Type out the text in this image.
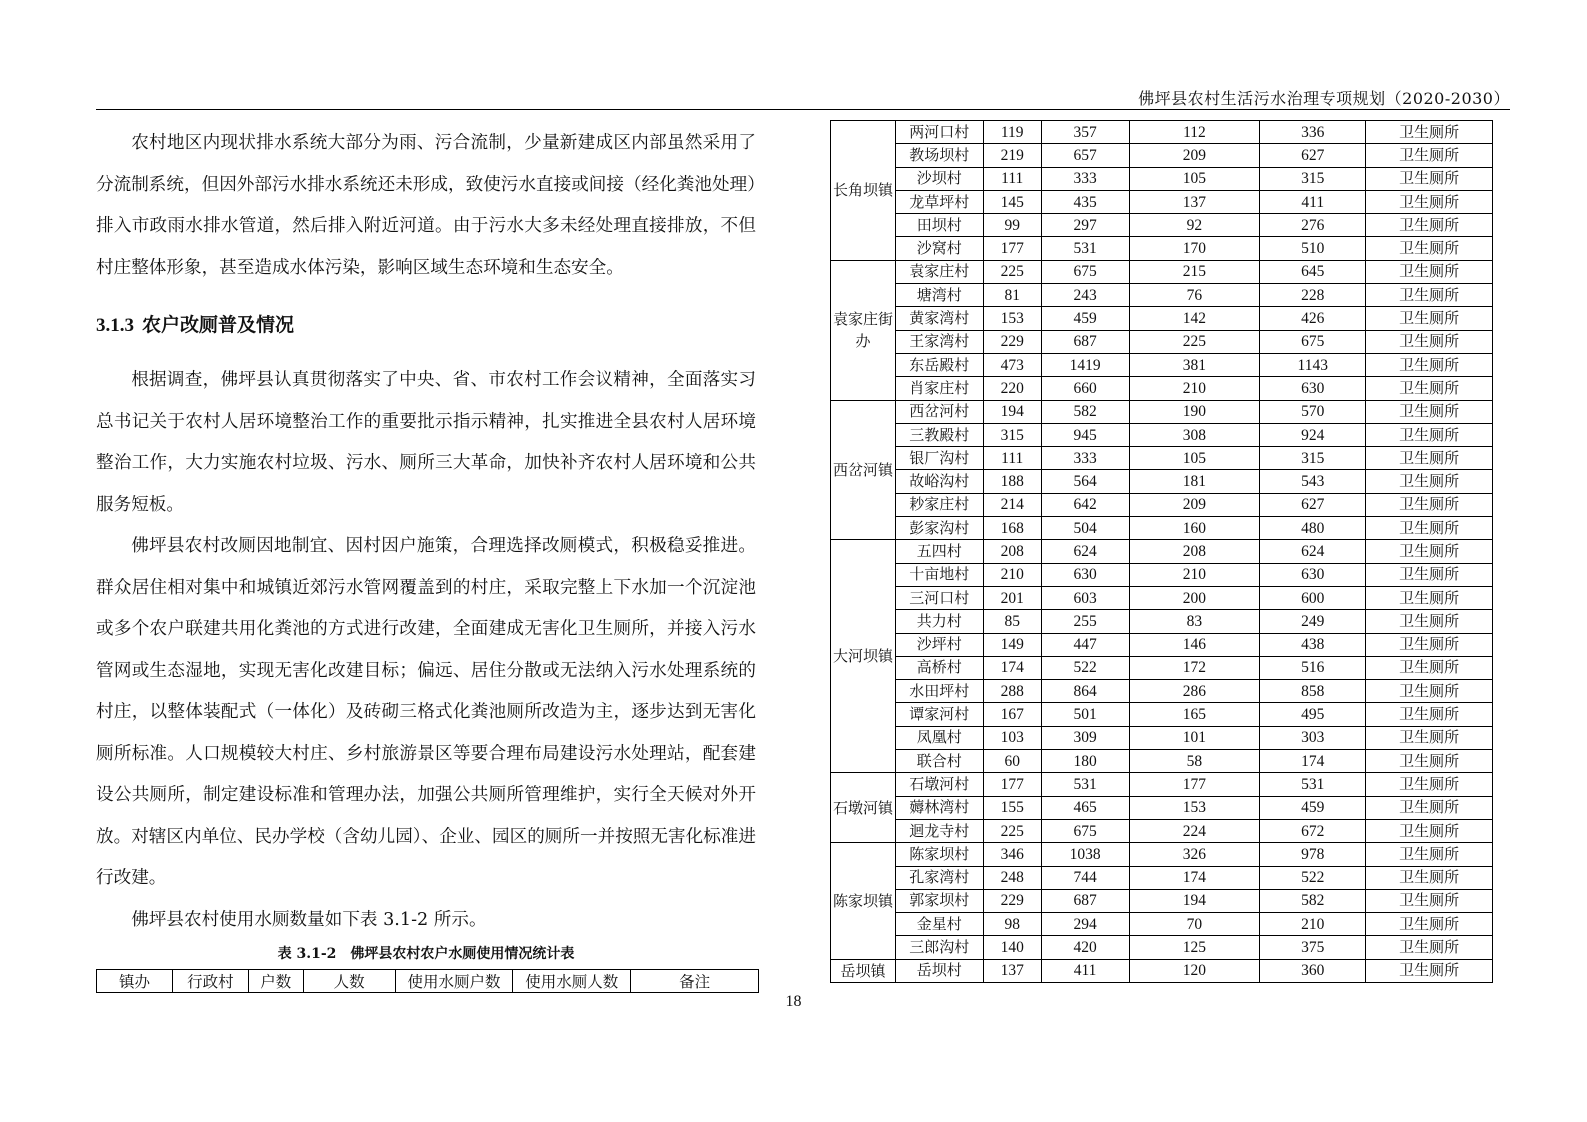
佛坪县农村生活污水治理专项规划（2020-2030）

农村地区内现状排水系统大部分为雨、污合流制，少量新建成区内部虽然采用了分流制系统，但因外部污水排水系统还未形成，致使污水直接或间接（经化粪池处理）排入市政雨水排水管道，然后排入附近河道。由于污水大多未经处理直接排放，不但村庄整体形象，甚至造成水体污染，影响区域生态环境和生态安全。

3.1.3 农户改厕普及情况

根据调查，佛坪县认真贯彻落实了中央、省、市农村工作会议精神，全面落实习总书记关于农村人居环境整治工作的重要批示指示精神，扎实推进全县农村人居环境整治工作，大力实施农村垃圾、污水、厕所三大革命，加快补齐农村人居环境和公共服务短板。

佛坪县农村改厕因地制宜、因村因户施策，合理选择改厕模式，积极稳妥推进。群众居住相对集中和城镇近郊污水管网覆盖到的村庄，采取完整上下水加一个沉淀池或多个农户联建共用化粪池的方式进行改建，全面建成无害化卫生厕所，并接入污水管网或生态湿地，实现无害化改建目标；偏远、居住分散或无法纳入污水处理系统的村庄，以整体装配式（一体化）及砖砌三格式化粪池厕所改造为主，逐步达到无害化厕所标准。人口规模较大村庄、乡村旅游景区等要合理布局建设污水处理站，配套建设公共厕所，制定建设标准和管理办法，加强公共厕所管理维护，实行全天候对外开放。对辖区内单位、民办学校（含幼儿园）、企业、园区的厕所一并按照无害化标准进行改建。

佛坪县农村使用水厕数量如下表 3.1-2 所示。

表 3.1-2　佛坪县农村农户水厕使用情况统计表
镇办	行政村	户数	人数	使用水厕户数	使用水厕人数	备注
长角坝镇	两河口村	119	357	112	336	卫生厕所
	教场坝村	219	657	209	627	卫生厕所
	沙坝村	111	333	105	315	卫生厕所
	龙草坪村	145	435	137	411	卫生厕所
	田坝村	99	297	92	276	卫生厕所
	沙窝村	177	531	170	510	卫生厕所
袁家庄街办	袁家庄村	225	675	215	645	卫生厕所
	塘湾村	81	243	76	228	卫生厕所
	黄家湾村	153	459	142	426	卫生厕所
	王家湾村	229	687	225	675	卫生厕所
	东岳殿村	473	1419	381	1143	卫生厕所
	肖家庄村	220	660	210	630	卫生厕所
西岔河镇	西岔河村	194	582	190	570	卫生厕所
	三教殿村	315	945	308	924	卫生厕所
	银厂沟村	111	333	105	315	卫生厕所
	故峪沟村	188	564	181	543	卫生厕所
	耖家庄村	214	642	209	627	卫生厕所
	彭家沟村	168	504	160	480	卫生厕所
大河坝镇	五四村	208	624	208	624	卫生厕所
	十亩地村	210	630	210	630	卫生厕所
	三河口村	201	603	200	600	卫生厕所
	共力村	85	255	83	249	卫生厕所
	沙坪村	149	447	146	438	卫生厕所
	高桥村	174	522	172	516	卫生厕所
	水田坪村	288	864	286	858	卫生厕所
	谭家河村	167	501	165	495	卫生厕所
	凤凰村	103	309	101	303	卫生厕所
	联合村	60	180	58	174	卫生厕所
石墩河镇	石墩河村	177	531	177	531	卫生厕所
	薅林湾村	155	465	153	459	卫生厕所
	迴龙寺村	225	675	224	672	卫生厕所
陈家坝镇	陈家坝村	346	1038	326	978	卫生厕所
	孔家湾村	248	744	174	522	卫生厕所
	郭家坝村	229	687	194	582	卫生厕所
	金星村	98	294	70	210	卫生厕所
	三郎沟村	140	420	125	375	卫生厕所
岳坝镇	岳坝村	137	411	120	360	卫生厕所
18
